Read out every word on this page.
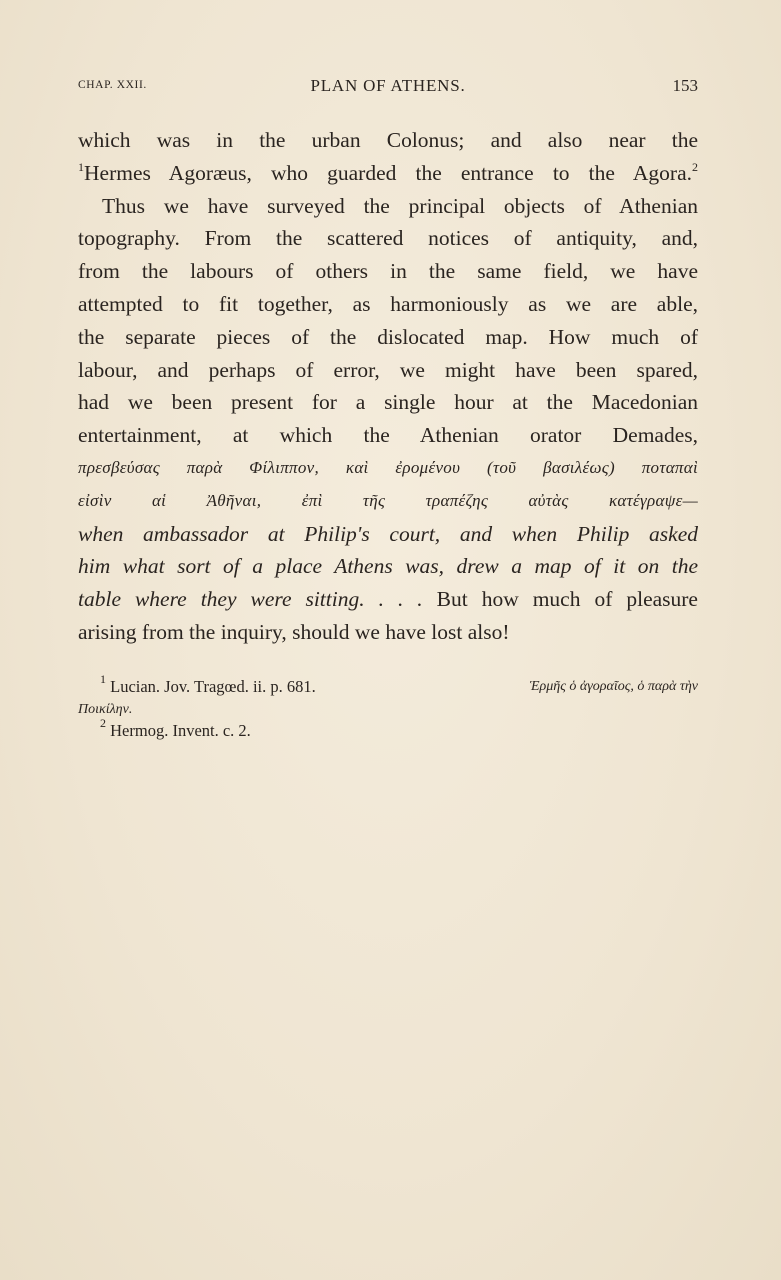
CHAP. XXII.	PLAN OF ATHENS.	153
which was in the urban Colonus; and also near the
$^1$Hermes Agoræus, who guarded the entrance to the Agora.$^2$
Thus we have surveyed the principal objects of Athenian
topography. From the scattered notices of antiquity, and,
from the labours of others in the same field, we have
attempted to fit together, as harmoniously as we are able,
the separate pieces of the dislocated map. How much of
labour, and perhaps of error, we might have been spared,
had we been present for a single hour at the Macedonian
entertainment, at which the Athenian orator Demades,
πρεσβεύσας παρὰ Φίλιππον, καὶ ἐρομένου (τοῦ βασιλέως) ποταπαὶ
εἰσὶν αἱ Ἀθῆναι, ἐπὶ τῆς τραπέζης αὐτὰς κατέγραψε—
when ambassador at Philip's court, and when Philip asked
him what sort of a place Athens was, drew a map of it on the
table where they were sitting. . . . But how much of pleasure
arising from the inquiry, should we have lost also!
$^1$ Lucian. Jov. Tragœd. ii. p. 681.	Ἑρμῆς ὁ ἀγοραῖος, ὁ παρὰ τὴν
Ποικίλην.
$^2$ Hermog. Invent. c. 2.
